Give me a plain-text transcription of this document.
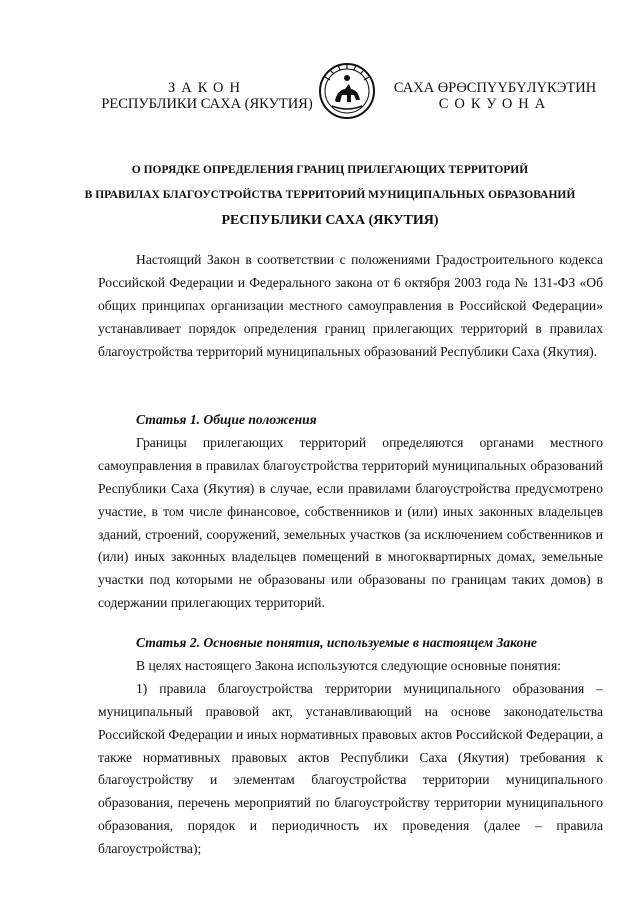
ЗАКОН
РЕСПУБЛИКИ САХА (ЯКУТИЯ)
САХА ӨРӨСПҮҮБҮЛҮКЭТИН
СОКУОНА
О ПОРЯДКЕ ОПРЕДЕЛЕНИЯ ГРАНИЦ ПРИЛЕГАЮЩИХ ТЕРРИТОРИЙ
В ПРАВИЛАХ БЛАГОУСТРОЙСТВА ТЕРРИТОРИЙ МУНИЦИПАЛЬНЫХ ОБРАЗОВАНИЙ
РЕСПУБЛИКИ САХА (ЯКУТИЯ)

Настоящий Закон в соответствии с положениями Градостроительного кодекса Российской Федерации и Федерального закона от 6 октября 2003 года № 131-ФЗ «Об общих принципах организации местного самоуправления в Российской Федерации» устанавливает порядок определения границ прилегающих территорий в правилах благоустройства территорий муниципальных образований Республики Саха (Якутия).

Статья 1. Общие положения

Границы прилегающих территорий определяются органами местного самоуправления в правилах благоустройства территорий муниципальных образований Республики Саха (Якутия) в случае, если правилами благоустройства предусмотрено участие, в том числе финансовое, собственников и (или) иных законных владельцев зданий, строений, сооружений, земельных участков (за исключением собственников и (или) иных законных владельцев помещений в многоквартирных домах, земельные участки под которыми не образованы или образованы по границам таких домов) в содержании прилегающих территорий.

Статья 2. Основные понятия, используемые в настоящем Законе

В целях настоящего Закона используются следующие основные понятия:

1) правила благоустройства территории муниципального образования – муниципальный правовой акт, устанавливающий на основе законодательства Российской Федерации и иных нормативных правовых актов Российской Федерации, а также нормативных правовых актов Республики Саха (Якутия) требования к благоустройству и элементам благоустройства территории муниципального образования, перечень мероприятий по благоустройству территории муниципального образования, порядок и периодичность их проведения (далее – правила благоустройства);
